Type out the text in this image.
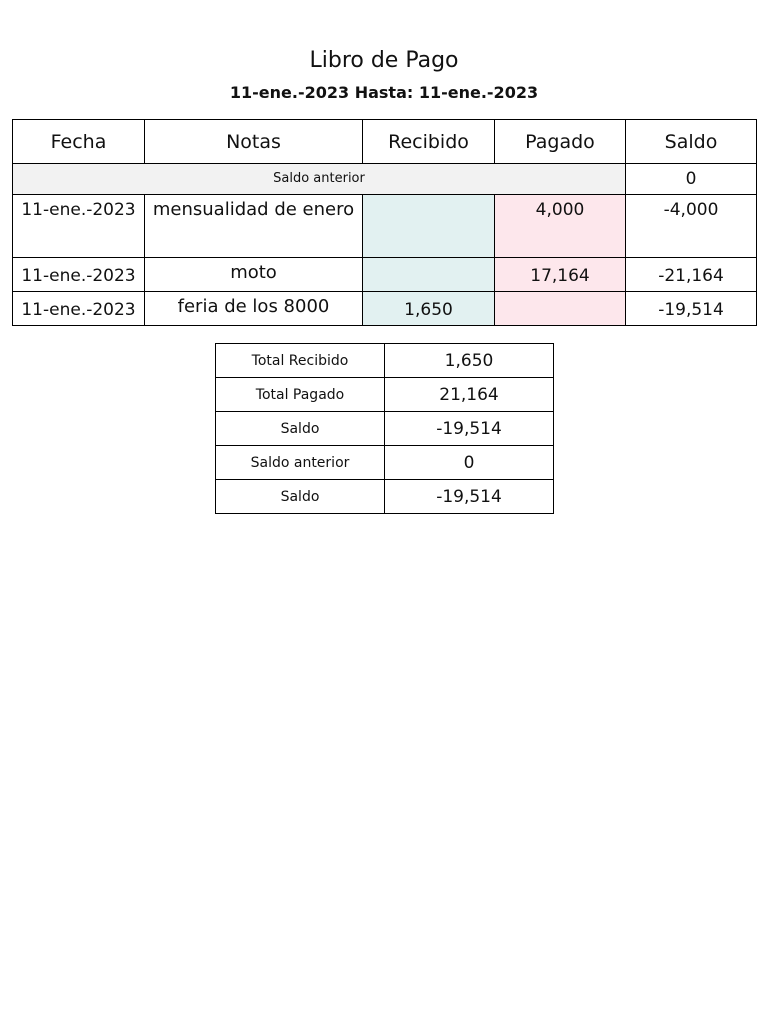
Libro de Pago
11-ene.-2023 Hasta: 11-ene.-2023
Fecha	Notas	Recibido	Pagado	Saldo
Saldo anterior				0
11-ene.-2023	mensualidad de enero		4,000	-4,000
11-ene.-2023	moto		17,164	-21,164
11-ene.-2023	feria de los 8000	1,650		-19,514
Total Recibido	1,650
Total Pagado	21,164
Saldo	-19,514
Saldo anterior	0
Saldo	-19,514
